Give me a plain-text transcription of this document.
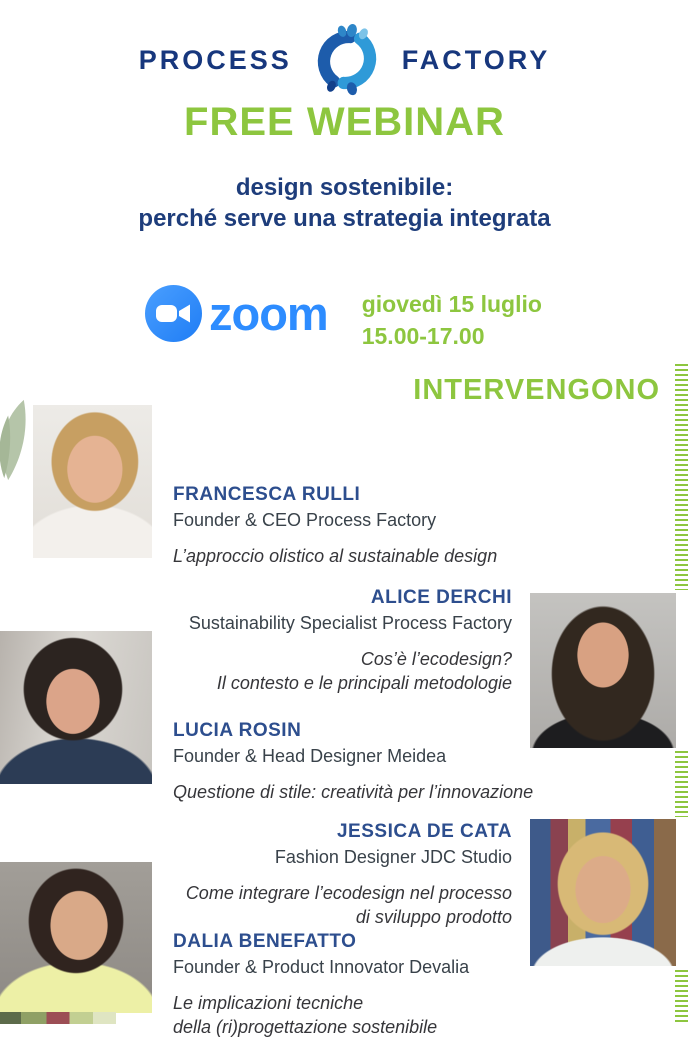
PROCESS	FACTORY
FREE WEBINAR
design sostenibile:
perché serve una strategia integrata
zoom giovedì 15 luglio
15.00-17.00
INTERVENGONO
FRANCESCA RULLI
Founder & CEO Process Factory
L’approccio olistico al sustainable design
ALICE DERCHI
Sustainability Specialist Process Factory
Cos’è l’ecodesign?
Il contesto e le principali metodologie
LUCIA ROSIN
Founder & Head Designer Meidea
Questione di stile: creatività per l’innovazione
JESSICA DE CATA
Fashion Designer JDC Studio
Come integrare l’ecodesign nel processo
di sviluppo prodotto
DALIA BENEFATTO
Founder & Product Innovator Devalia
Le implicazioni tecniche
della (ri)progettazione sostenibile
